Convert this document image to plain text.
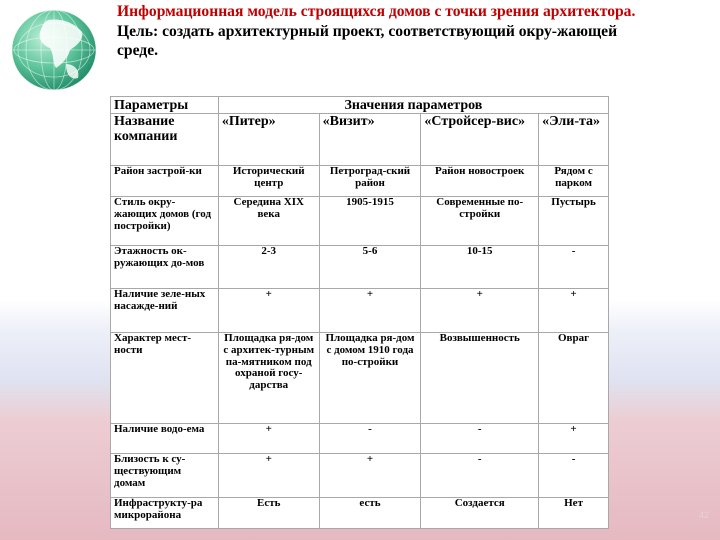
Информационная модель строящихся домов с точки зрения архитектора.
Цель: создать архитектурный проект, соответствующий окру-жающей среде.
Параметры	Значения параметров			
Название компании	«Питер»	«Визит»	«Стройсер-вис»	«Эли-та»
Район застрой-ки	Исторический центр	Петроград-ский район	Район новостроек	Рядом с парком
Стиль окру-жающих домов (год постройки)	Середина XIX века	1905-1915	Современные по-стройки	Пустырь
Этажность ок-ружающих до-мов	2-3	5-6	10-15	-
Наличие зеле-ных насажде-ний	+	+	+	+
Характер мест-ности	Площадка ря-дом с архитек-турным па-мятником под охраной госу-дарства	Площадка ря-дом с домом 1910 года по-стройки	Возвышенность	Овраг
Наличие водо-ема	+	-	-	+
Близость к су-ществующим домам	+	+	-	-
Инфраструкту-ра микрорайона	Есть	есть	Создается	Нет
42
